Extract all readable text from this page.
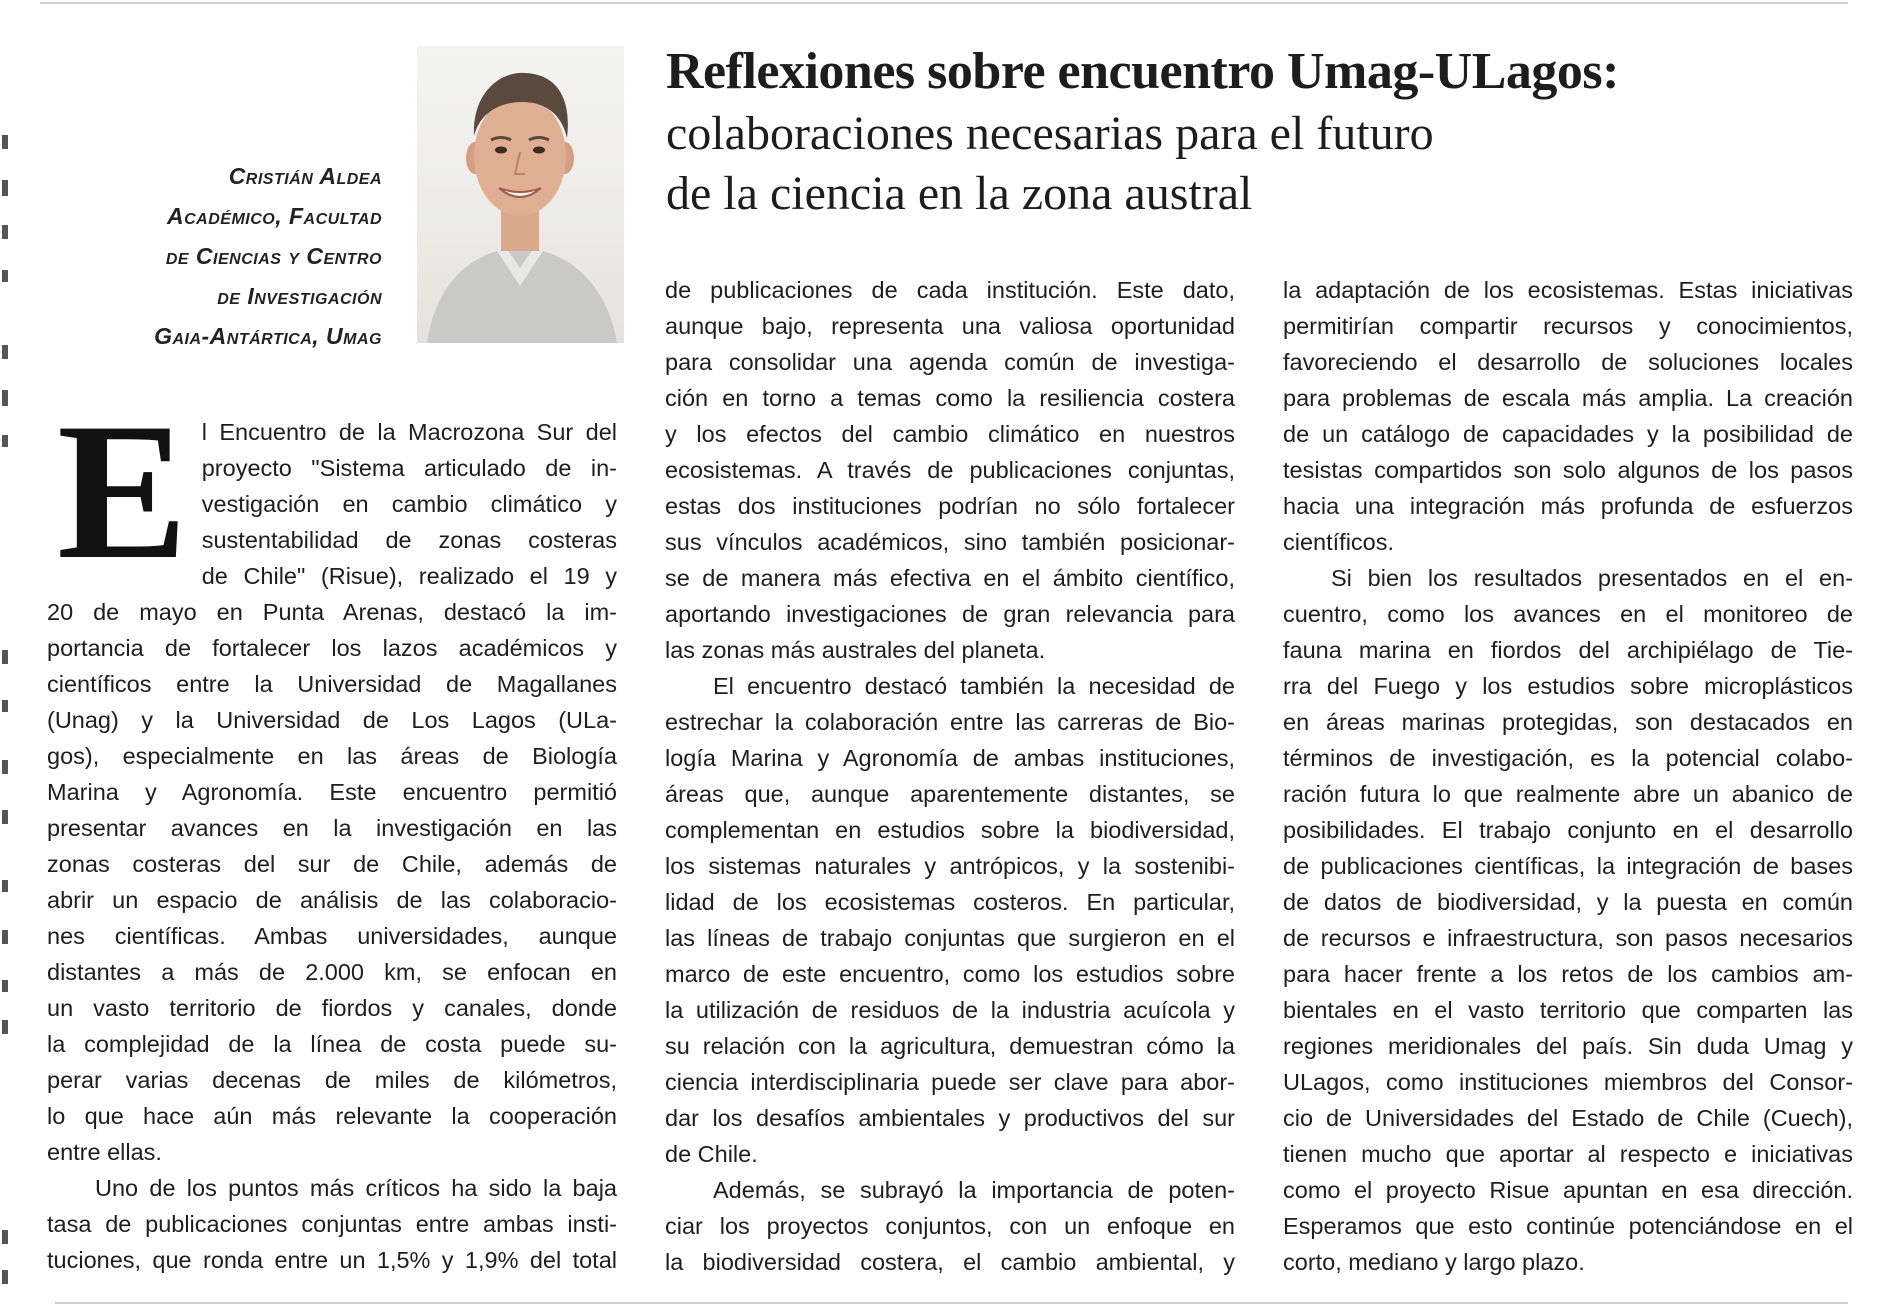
Cristián Aldea
Académico, Facultad
de Ciencias y Centro
de Investigación
Gaia-Antártica, Umag
Reflexiones sobre encuentro Umag-ULagos:
colaboraciones necesarias para el futuro
de la ciencia en la zona austral
E l Encuentro de la Macrozona Sur del
proyecto "Sistema articulado de in-
vestigación en cambio climático y
sustentabilidad de zonas costeras
de Chile" (Risue), realizado el 19 y
20 de mayo en Punta Arenas, destacó la im-
portancia de fortalecer los lazos académicos y
científicos entre la Universidad de Magallanes
(Unag) y la Universidad de Los Lagos (ULa-
gos), especialmente en las áreas de Biología
Marina y Agronomía. Este encuentro permitió
presentar avances en la investigación en las
zonas costeras del sur de Chile, además de
abrir un espacio de análisis de las colaboracio-
nes científicas. Ambas universidades, aunque
distantes a más de 2.000 km, se enfocan en
un vasto territorio de fiordos y canales, donde
la complejidad de la línea de costa puede su-
perar varias decenas de miles de kilómetros,
lo que hace aún más relevante la cooperación
entre ellas.
Uno de los puntos más críticos ha sido la baja
tasa de publicaciones conjuntas entre ambas insti-
tuciones, que ronda entre un 1,5% y 1,9% del total
de publicaciones de cada institución. Este dato,
aunque bajo, representa una valiosa oportunidad
para consolidar una agenda común de investiga-
ción en torno a temas como la resiliencia costera
y los efectos del cambio climático en nuestros
ecosistemas. A través de publicaciones conjuntas,
estas dos instituciones podrían no sólo fortalecer
sus vínculos académicos, sino también posicionar-
se de manera más efectiva en el ámbito científico,
aportando investigaciones de gran relevancia para
las zonas más australes del planeta.
El encuentro destacó también la necesidad de
estrechar la colaboración entre las carreras de Bio-
logía Marina y Agronomía de ambas instituciones,
áreas que, aunque aparentemente distantes, se
complementan en estudios sobre la biodiversidad,
los sistemas naturales y antrópicos, y la sostenibi-
lidad de los ecosistemas costeros. En particular,
las líneas de trabajo conjuntas que surgieron en el
marco de este encuentro, como los estudios sobre
la utilización de residuos de la industria acuícola y
su relación con la agricultura, demuestran cómo la
ciencia interdisciplinaria puede ser clave para abor-
dar los desafíos ambientales y productivos del sur
de Chile.
Además, se subrayó la importancia de poten-
ciar los proyectos conjuntos, con un enfoque en
la biodiversidad costera, el cambio ambiental, y
la adaptación de los ecosistemas. Estas iniciativas
permitirían compartir recursos y conocimientos,
favoreciendo el desarrollo de soluciones locales
para problemas de escala más amplia. La creación
de un catálogo de capacidades y la posibilidad de
tesistas compartidos son solo algunos de los pasos
hacia una integración más profunda de esfuerzos
científicos.
Si bien los resultados presentados en el en-
cuentro, como los avances en el monitoreo de
fauna marina en fiordos del archipiélago de Tie-
rra del Fuego y los estudios sobre microplásticos
en áreas marinas protegidas, son destacados en
términos de investigación, es la potencial colabo-
ración futura lo que realmente abre un abanico de
posibilidades. El trabajo conjunto en el desarrollo
de publicaciones científicas, la integración de bases
de datos de biodiversidad, y la puesta en común
de recursos e infraestructura, son pasos necesarios
para hacer frente a los retos de los cambios am-
bientales en el vasto territorio que comparten las
regiones meridionales del país. Sin duda Umag y
ULagos, como instituciones miembros del Consor-
cio de Universidades del Estado de Chile (Cuech),
tienen mucho que aportar al respecto e iniciativas
como el proyecto Risue apuntan en esa dirección.
Esperamos que esto continúe potenciándose en el
corto, mediano y largo plazo.
